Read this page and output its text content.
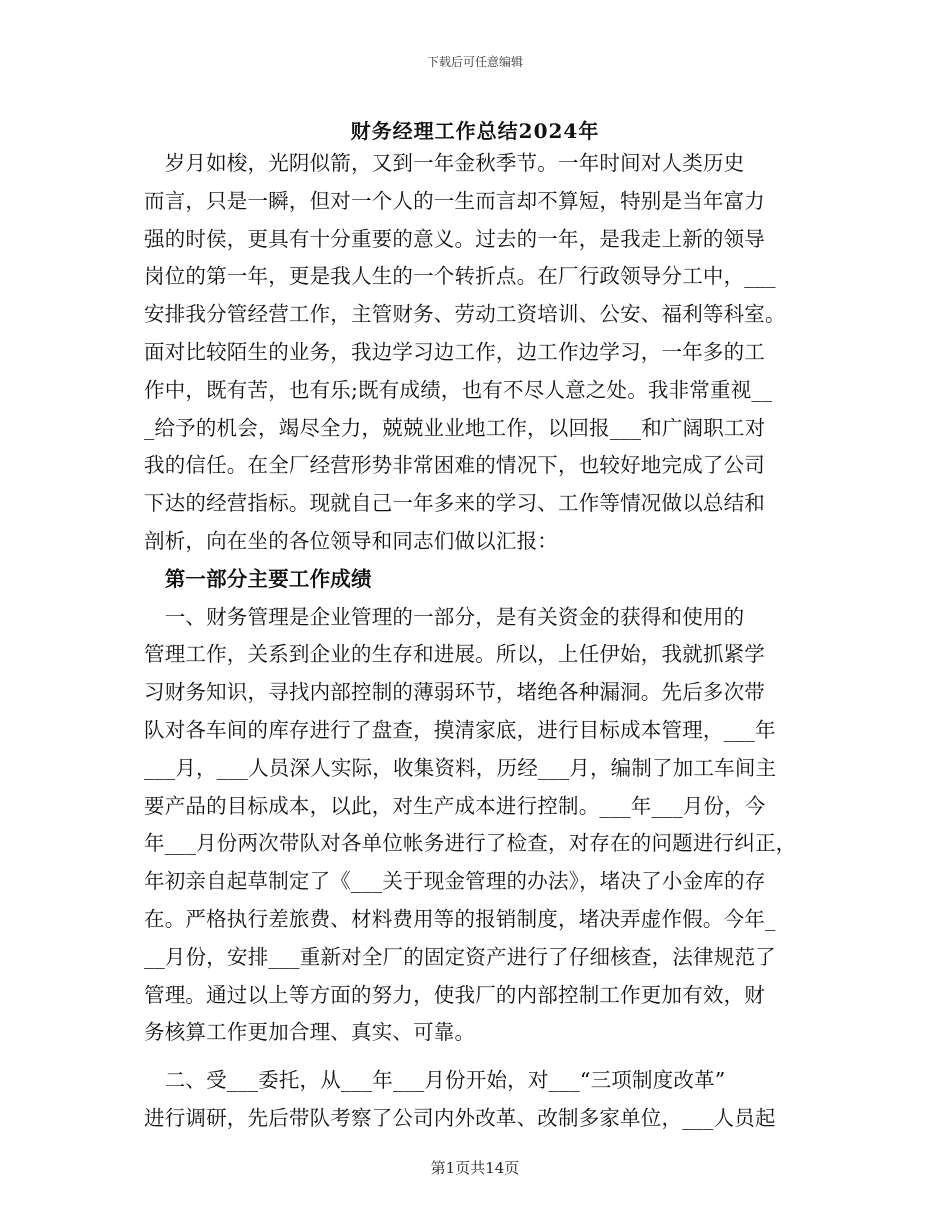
下载后可任意编辑
财务经理工作总结2024年
　岁月如梭，光阴似箭，又到一年金秋季节。一年时间对人类历史
而言，只是一瞬，但对一个人的一生而言却不算短，特别是当年富力
强的时侯，更具有十分重要的意义。过去的一年，是我走上新的领导
岗位的第一年，更是我人生的一个转折点。在厂行政领导分工中，___
安排我分管经营工作，主管财务、劳动工资培训、公安、福利等科室。
面对比较陌生的业务，我边学习边工作，边工作边学习，一年多的工
作中，既有苦，也有乐;既有成绩，也有不尽人意之处。我非常重视__
_给予的机会，竭尽全力，兢兢业业地工作，以回报___和广阔职工对
我的信任。在全厂经营形势非常困难的情况下，也较好地完成了公司
下达的经营指标。现就自己一年多来的学习、工作等情况做以总结和
剖析，向在坐的各位领导和同志们做以汇报：
　第一部分主要工作成绩
　一、财务管理是企业管理的一部分，是有关资金的获得和使用的
管理工作，关系到企业的生存和进展。所以，上任伊始，我就抓紧学
习财务知识，寻找内部控制的薄弱环节，堵绝各种漏洞。先后多次带
队对各车间的库存进行了盘查，摸清家底，进行目标成本管理，___年
___月，___人员深人实际，收集资料，历经___月，编制了加工车间主
要产品的目标成本，以此，对生产成本进行控制。___年___月份，今
年___月份两次带队对各单位帐务进行了检查，对存在的问题进行纠正，
年初亲自起草制定了《___关于现金管理的办法》，堵决了小金库的存
在。严格执行差旅费、材料费用等的报销制度，堵决弄虚作假。今年_
__月份，安排___重新对全厂的固定资产进行了仔细核查，法律规范了
管理。通过以上等方面的努力，使我厂的内部控制工作更加有效，财
务核算工作更加合理、真实、可靠。
　二、受___委托，从___年___月份开始，对___“三项制度改革”
进行调研，先后带队考察了公司内外改革、改制多家单位，___人员起
第1页共14页
